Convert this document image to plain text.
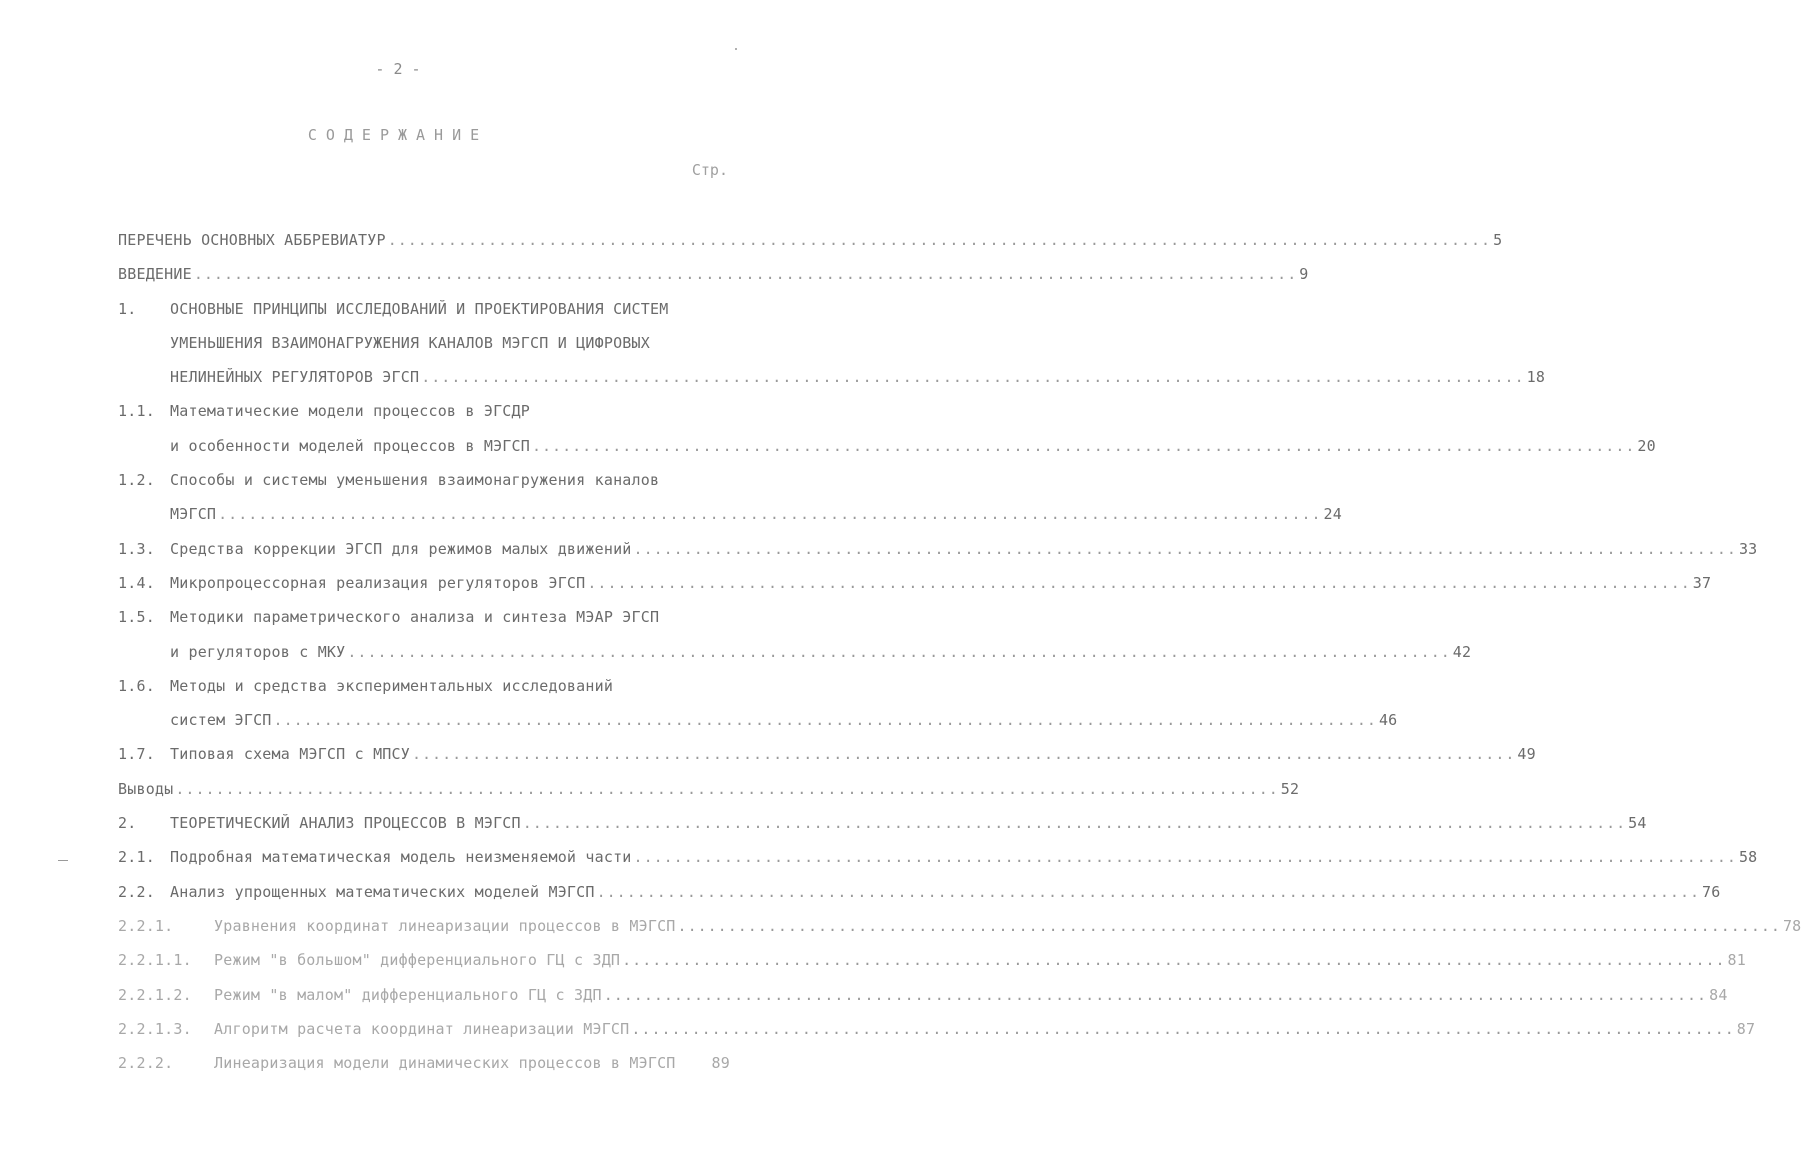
- 2 -
СОДЕРЖАНИЕ
Стр.
ПЕРЕЧЕНЬ ОСНОВНЫХ АББРЕВИАТУР .....	5
ВВЕДЕНИЕ .....	9
1.	ОСНОВНЫЕ ПРИНЦИПЫ ИССЛЕДОВАНИЙ И ПРОЕКТИРОВАНИЯ СИСТЕМ
УМЕНЬШЕНИЯ ВЗАИМОНАГРУЖЕНИЯ КАНАЛОВ МЭГСП И ЦИФРОВЫХ
НЕЛИНЕЙНЫХ РЕГУЛЯТОРОВ ЭГСП .....	18
1.1.	Математические модели процессов в ЭГСДР
и особенности моделей процессов в МЭГСП .....	20
1.2.	Способы и системы уменьшения взаимонагружения каналов
МЭГСП .....	24
1.3.	Средства коррекции ЭГСП для режимов малых движений .....	33
1.4.	Микропроцессорная реализация регуляторов ЭГСП .....	37
1.5.	Методики параметрического анализа и синтеза МЭАР ЭГСП
и регуляторов с МКУ .....	42
1.6.	Методы и средства экспериментальных исследований
систем ЭГСП .....	46
1.7.	Типовая схема МЭГСП с МПСУ .....	49
Выводы .....	52
2.	ТЕОРЕТИЧЕСКИЙ АНАЛИЗ ПРОЦЕССОВ В МЭГСП .....	54
2.1.	Подробная математическая модель неизменяемой части .....	58
2.2.	Анализ упрощенных математических моделей МЭГСП .....	76
2.2.1.	Уравнения координат линеаризации процессов в МЭГСП .....	78
2.2.1.1.	Режим "в большом" дифференциального ГЦ с ЗДП .....	81
2.2.1.2.	Режим "в малом" дифференциального ГЦ с ЗДП .....	84
2.2.1.3.	Алгоритм расчета координат линеаризации МЭГСП .....	87
2.2.2.	Линеаризация модели динамических процессов в МЭГСП 89
